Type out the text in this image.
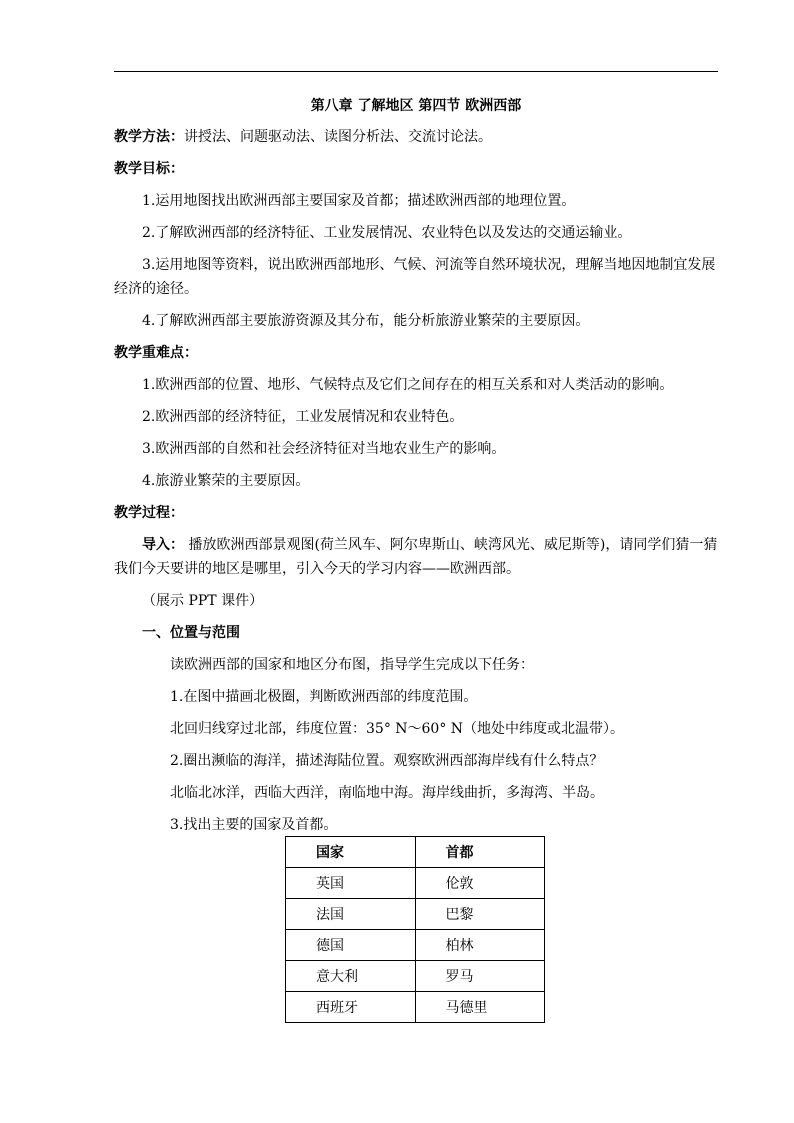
第八章 了解地区 第四节 欧洲西部

教学方法：讲授法、问题驱动法、读图分析法、交流讨论法。

教学目标：

1.运用地图找出欧洲西部主要国家及首都；描述欧洲西部的地理位置。

2.了解欧洲西部的经济特征、工业发展情况、农业特色以及发达的交通运输业。

3.运用地图等资料，说出欧洲西部地形、气候、河流等自然环境状况，理解当地因地制宜发展经济的途径。

4.了解欧洲西部主要旅游资源及其分布，能分析旅游业繁荣的主要原因。

教学重难点：

1.欧洲西部的位置、地形、气候特点及它们之间存在的相互关系和对人类活动的影响。

2.欧洲西部的经济特征，工业发展情况和农业特色。

3.欧洲西部的自然和社会经济特征对当地农业生产的影响。

4.旅游业繁荣的主要原因。

教学过程：

导入： 播放欧洲西部景观图(荷兰风车、阿尔卑斯山、峡湾风光、威尼斯等)，请同学们猜一猜我们今天要讲的地区是哪里，引入今天的学习内容——欧洲西部。

（展示 PPT 课件）

一、位置与范围

读欧洲西部的国家和地区分布图，指导学生完成以下任务：

1.在图中描画北极圈，判断欧洲西部的纬度范围。

北回归线穿过北部，纬度位置：35° N～60° N（地处中纬度或北温带）。

2.圈出濒临的海洋，描述海陆位置。观察欧洲西部海岸线有什么特点？

北临北冰洋，西临大西洋，南临地中海。海岸线曲折，多海湾、半岛。

3.找出主要的国家及首都。

国家	首都
英国	伦敦
法国	巴黎
德国	柏林
意大利	罗马
西班牙	马德里
